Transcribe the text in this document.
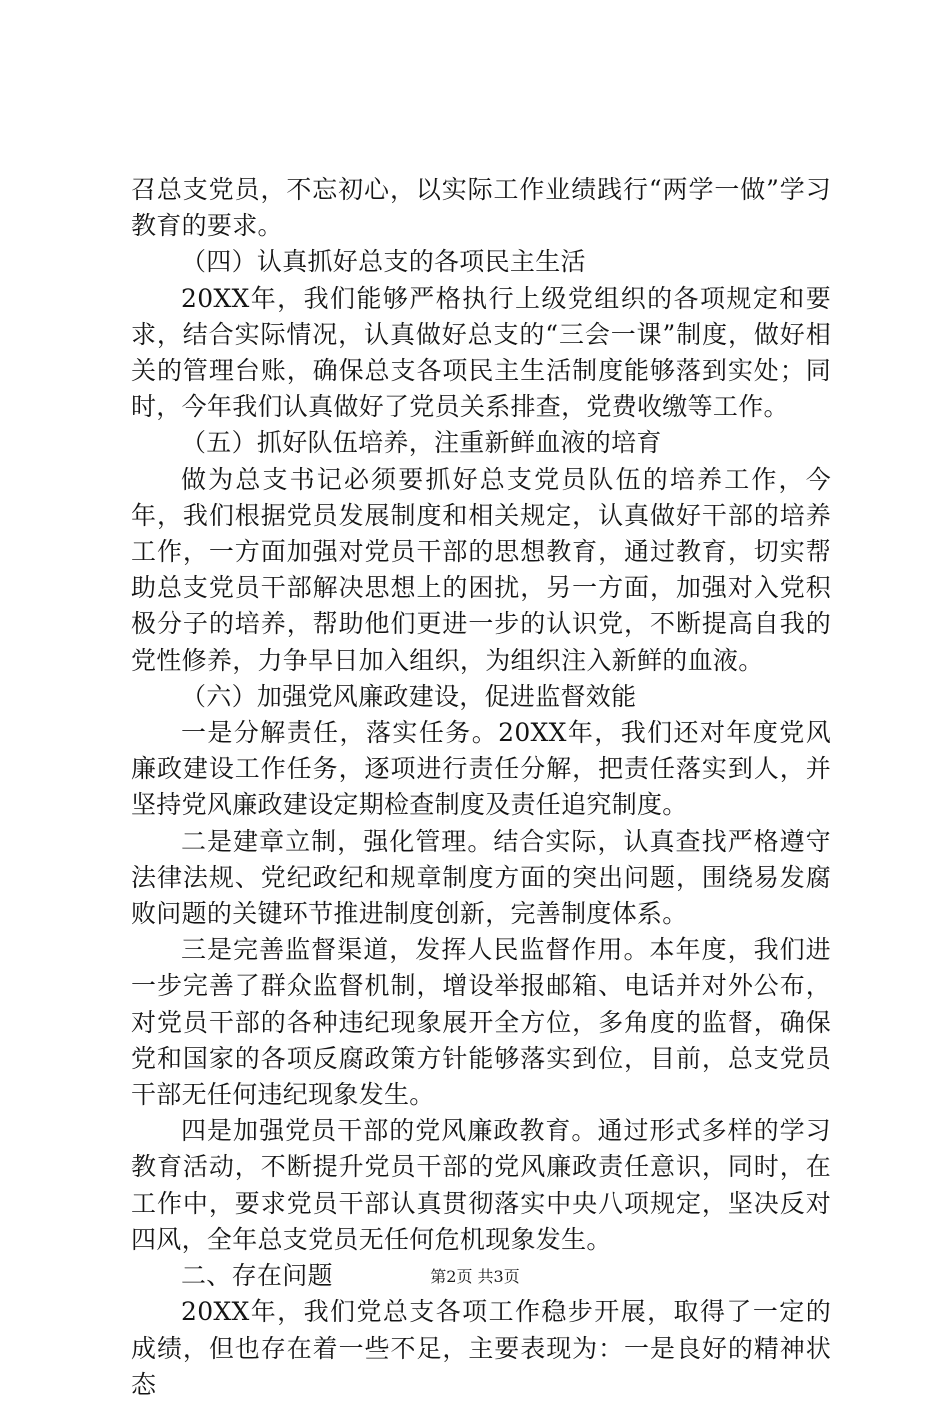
召总支党员，不忘初心，以实际工作业绩践行“两学一做”学习教育的要求。

（四）认真抓好总支的各项民主生活

20XX年，我们能够严格执行上级党组织的各项规定和要求，结合实际情况，认真做好总支的“三会一课”制度，做好相关的管理台账，确保总支各项民主生活制度能够落到实处；同时，今年我们认真做好了党员关系排查，党费收缴等工作。

（五）抓好队伍培养，注重新鲜血液的培育

做为总支书记必须要抓好总支党员队伍的培养工作，今年，我们根据党员发展制度和相关规定，认真做好干部的培养工作，一方面加强对党员干部的思想教育，通过教育，切实帮助总支党员干部解决思想上的困扰，另一方面，加强对入党积极分子的培养，帮助他们更进一步的认识党，不断提高自我的党性修养，力争早日加入组织，为组织注入新鲜的血液。

（六）加强党风廉政建设，促进监督效能

一是分解责任，落实任务。20XX年，我们还对年度党风廉政建设工作任务，逐项进行责任分解，把责任落实到人，并坚持党风廉政建设定期检查制度及责任追究制度。

二是建章立制，强化管理。结合实际，认真查找严格遵守法律法规、党纪政纪和规章制度方面的突出问题，围绕易发腐败问题的关键环节推进制度创新，完善制度体系。

三是完善监督渠道，发挥人民监督作用。本年度，我们进一步完善了群众监督机制，增设举报邮箱、电话并对外公布，对党员干部的各种违纪现象展开全方位，多角度的监督，确保党和国家的各项反腐政策方针能够落实到位，目前，总支党员干部无任何违纪现象发生。

四是加强党员干部的党风廉政教育。通过形式多样的学习教育活动，不断提升党员干部的党风廉政责任意识，同时，在工作中，要求党员干部认真贯彻落实中央八项规定，坚决反对四风，全年总支党员无任何危机现象发生。

二、存在问题

20XX年，我们党总支各项工作稳步开展，取得了一定的成绩，但也存在着一些不足，主要表现为：一是良好的精神状态

第2页 共3页
